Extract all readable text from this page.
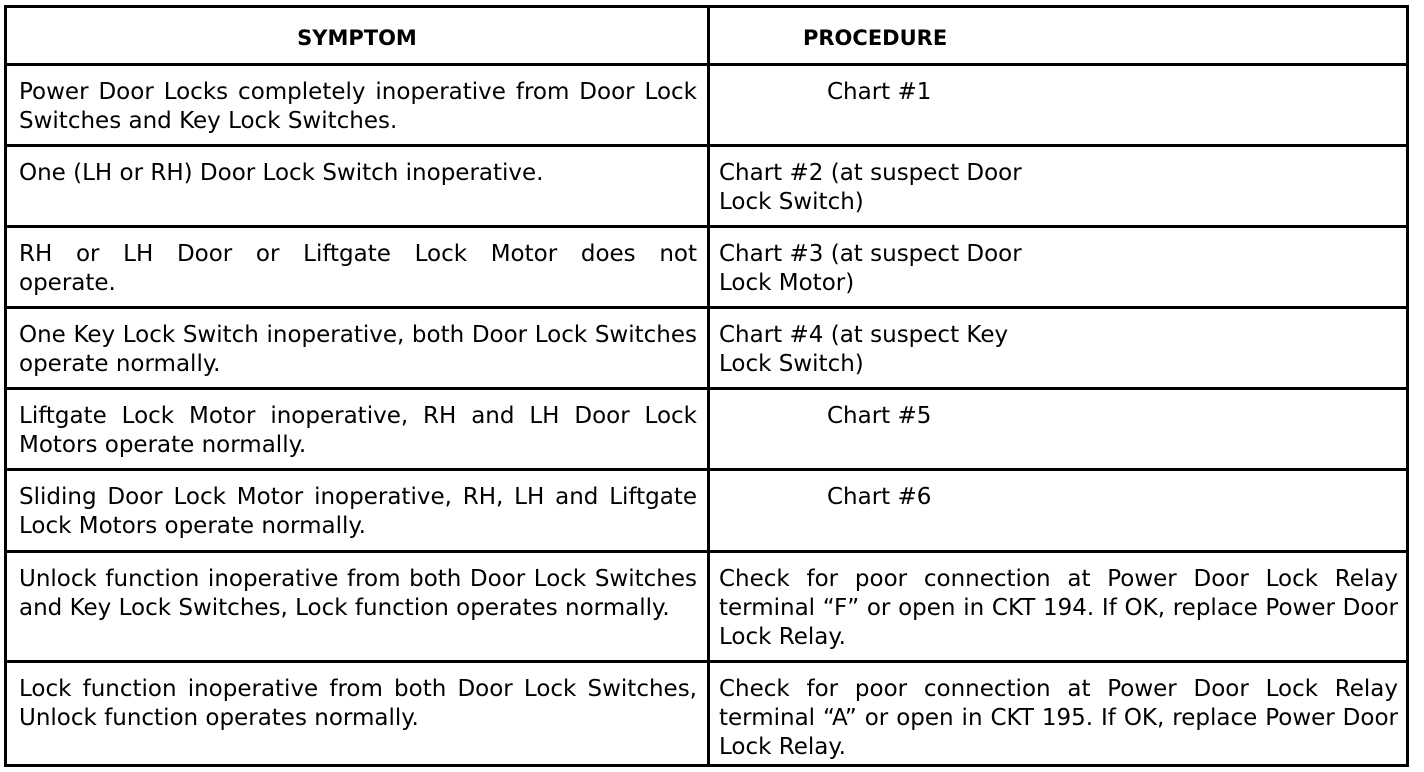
SYMPTOM	PROCEDURE
Power Door Locks completely inoperative from Door Lock Switches and Key Lock Switches.
Chart #1
One (LH or RH) Door Lock Switch inoperative.	Chart #2 (at suspect Door Lock Switch)
RH or LH Door or Liftgate Lock Motor does not operate.
Chart #3 (at suspect Door Lock Motor)
One Key Lock Switch inoperative, both Door Lock Switches operate normally.
Chart #4 (at suspect Key Lock Switch)
Liftgate Lock Motor inoperative, RH and LH Door Lock Motors operate normally.
Chart #5
Sliding Door Lock Motor inoperative, RH, LH and Liftgate Lock Motors operate normally.
Chart #6
Unlock function inoperative from both Door Lock Switches and Key Lock Switches, Lock function operates normally.
Check for poor connection at Power Door Lock Relay terminal “F” or open in CKT 194. If OK, replace Power Door Lock Relay.
Lock function inoperative from both Door Lock Switches, Unlock function operates normally.
Check for poor connection at Power Door Lock Relay terminal “A” or open in CKT 195. If OK, replace Power Door Lock Relay.
